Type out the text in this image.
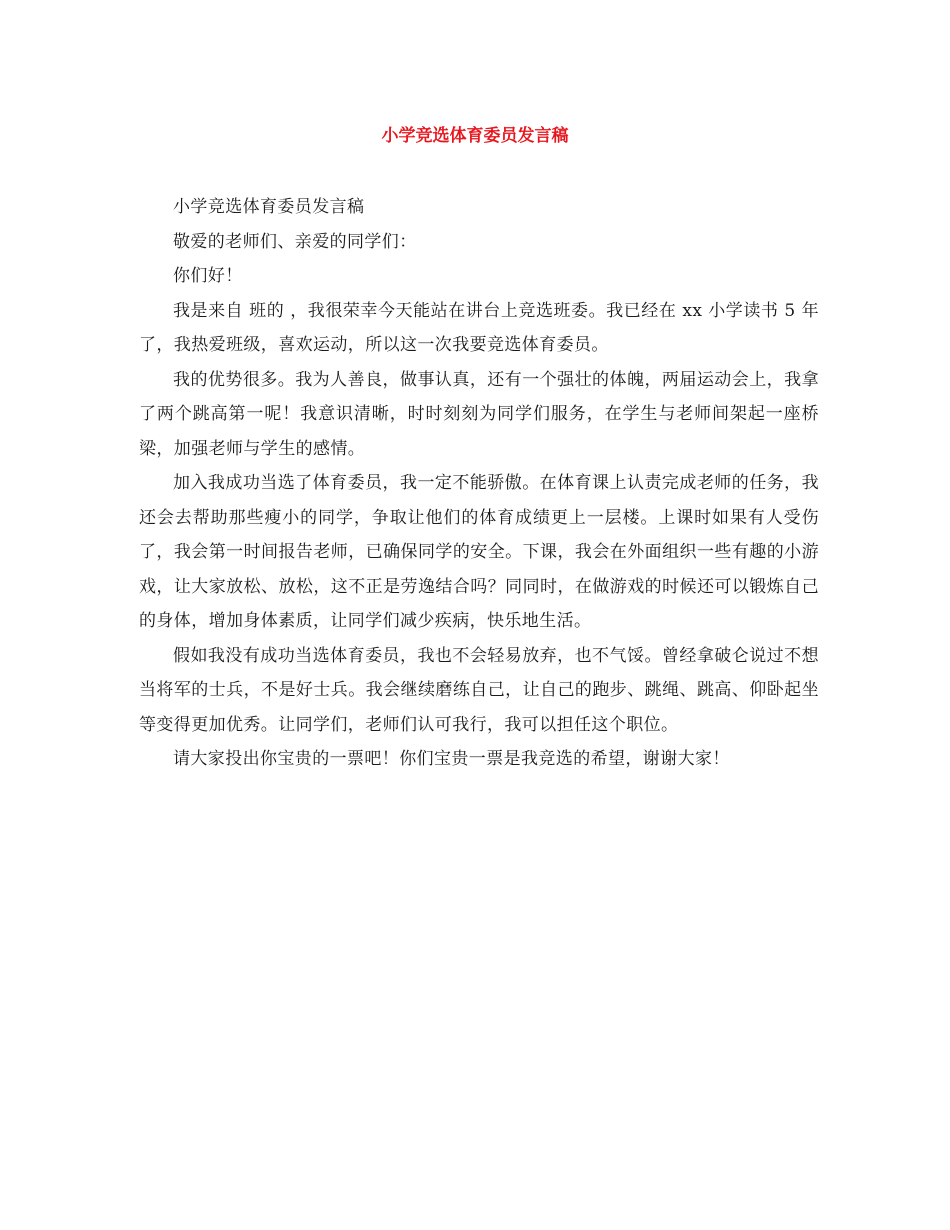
小学竞选体育委员发言稿

小学竞选体育委员发言稿

敬爱的老师们、亲爱的同学们：

你们好！

我是来自 班的 ，我很荣幸今天能站在讲台上竞选班委。我已经在 xx 小学读书 5 年了，我热爱班级，喜欢运动，所以这一次我要竞选体育委员。

我的优势很多。我为人善良，做事认真，还有一个强壮的体魄，两届运动会上，我拿了两个跳高第一呢！我意识清晰，时时刻刻为同学们服务，在学生与老师间架起一座桥梁，加强老师与学生的感情。

加入我成功当选了体育委员，我一定不能骄傲。在体育课上认责完成老师的任务，我还会去帮助那些瘦小的同学，争取让他们的体育成绩更上一层楼。上课时如果有人受伤了，我会第一时间报告老师，已确保同学的安全。下课，我会在外面组织一些有趣的小游戏，让大家放松、放松，这不正是劳逸结合吗？同同时，在做游戏的时候还可以锻炼自己的身体，增加身体素质，让同学们减少疾病，快乐地生活。

假如我没有成功当选体育委员，我也不会轻易放弃，也不气馁。曾经拿破仑说过不想当将军的士兵，不是好士兵。我会继续磨练自己，让自己的跑步、跳绳、跳高、仰卧起坐等变得更加优秀。让同学们，老师们认可我行，我可以担任这个职位。

请大家投出你宝贵的一票吧！你们宝贵一票是我竞选的希望，谢谢大家！
